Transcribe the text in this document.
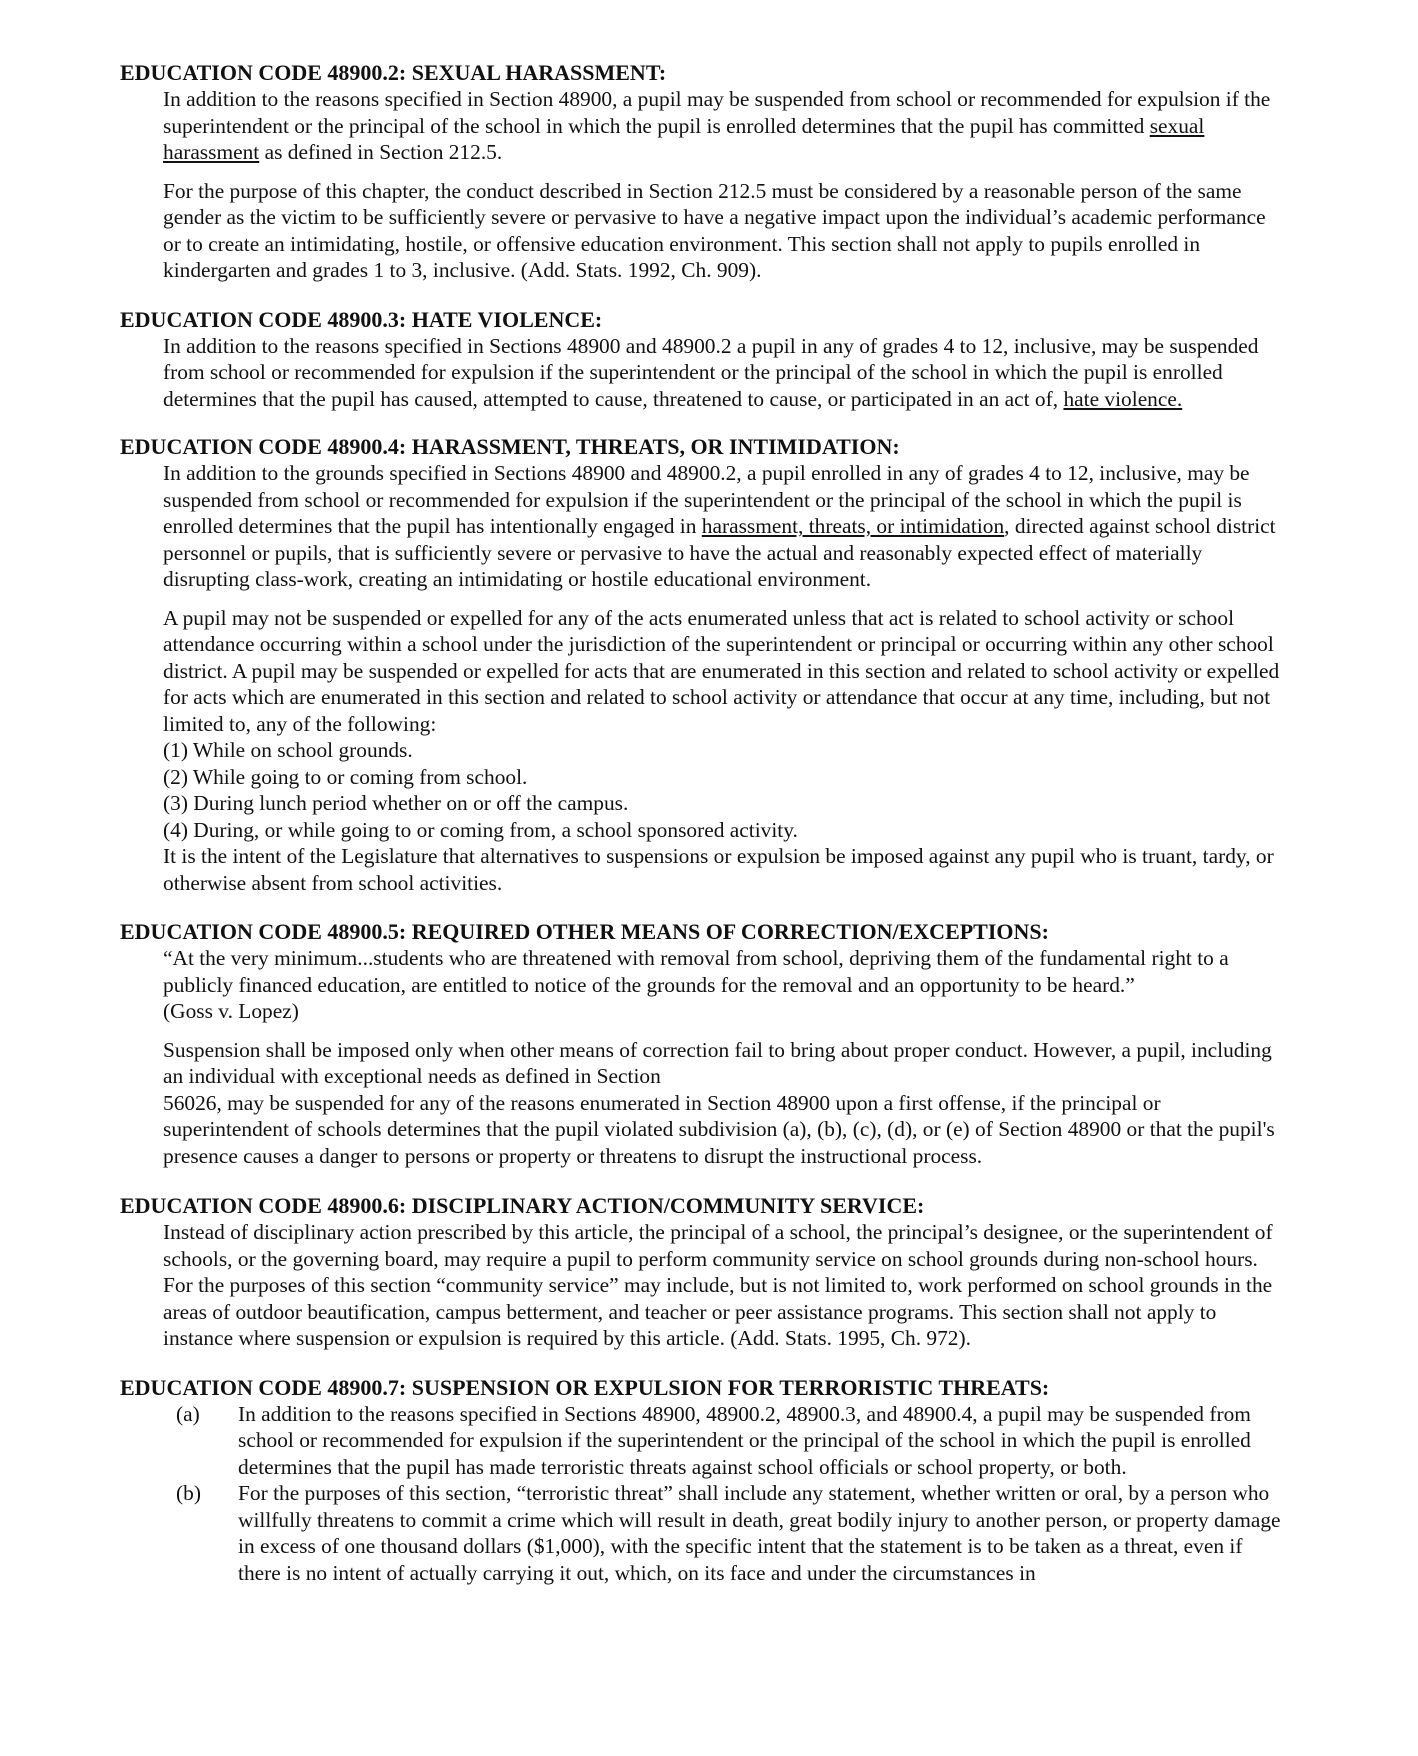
EDUCATION CODE 48900.2: SEXUAL HARASSMENT:

In addition to the reasons specified in Section 48900, a pupil may be suspended from school or recommended for expulsion if the superintendent or the principal of the school in which the pupil is enrolled determines that the pupil has committed sexual harassment as defined in Section 212.5.

For the purpose of this chapter, the conduct described in Section 212.5 must be considered by a reasonable person of the same gender as the victim to be sufficiently severe or pervasive to have a negative impact upon the individual’s academic performance or to create an intimidating, hostile, or offensive education environment. This section shall not apply to pupils enrolled in kindergarten and grades 1 to 3, inclusive. (Add. Stats. 1992, Ch. 909).

EDUCATION CODE 48900.3: HATE VIOLENCE:

In addition to the reasons specified in Sections 48900 and 48900.2 a pupil in any of grades 4 to 12, inclusive, may be suspended from school or recommended for expulsion if the superintendent or the principal of the school in which the pupil is enrolled determines that the pupil has caused, attempted to cause, threatened to cause, or participated in an act of, hate violence.

EDUCATION CODE 48900.4: HARASSMENT, THREATS, OR INTIMIDATION:

In addition to the grounds specified in Sections 48900 and 48900.2, a pupil enrolled in any of grades 4 to 12, inclusive, may be suspended from school or recommended for expulsion if the superintendent or the principal of the school in which the pupil is enrolled determines that the pupil has intentionally engaged in harassment, threats, or intimidation, directed against school district personnel or pupils, that is sufficiently severe or pervasive to have the actual and reasonably expected effect of materially disrupting class-work, creating an intimidating or hostile educational environment.

A pupil may not be suspended or expelled for any of the acts enumerated unless that act is related to school activity or school attendance occurring within a school under the jurisdiction of the superintendent or principal or occurring within any other school district. A pupil may be suspended or expelled for acts that are enumerated in this section and related to school activity or expelled for acts which are enumerated in this section and related to school activity or attendance that occur at any time, including, but not limited to, any of the following:

(1) While on school grounds.
(2) While going to or coming from school.
(3) During lunch period whether on or off the campus.
(4) During, or while going to or coming from, a school sponsored activity.

It is the intent of the Legislature that alternatives to suspensions or expulsion be imposed against any pupil who is truant, tardy, or otherwise absent from school activities.

EDUCATION CODE 48900.5: REQUIRED OTHER MEANS OF CORRECTION/EXCEPTIONS:

“At the very minimum...students who are threatened with removal from school, depriving them of the fundamental right to a publicly financed education, are entitled to notice of the grounds for the removal and an opportunity to be heard.”

(Goss v. Lopez)

Suspension shall be imposed only when other means of correction fail to bring about proper conduct. However, a pupil, including an individual with exceptional needs as defined in Section

56026, may be suspended for any of the reasons enumerated in Section 48900 upon a first offense, if the principal or superintendent of schools determines that the pupil violated subdivision (a), (b), (c), (d), or (e) of Section 48900 or that the pupil's presence causes a danger to persons or property or threatens to disrupt the instructional process.

EDUCATION CODE 48900.6: DISCIPLINARY ACTION/COMMUNITY SERVICE:

Instead of disciplinary action prescribed by this article, the principal of a school, the principal’s designee, or the superintendent of schools, or the governing board, may require a pupil to perform community service on school grounds during non-school hours. For the purposes of this section “community service” may include, but is not limited to, work performed on school grounds in the areas of outdoor beautification, campus betterment, and teacher or peer assistance programs. This section shall not apply to instance where suspension or expulsion is required by this article. (Add. Stats. 1995, Ch. 972).

EDUCATION CODE 48900.7: SUSPENSION OR EXPULSION FOR TERRORISTIC THREATS:
(a)	In addition to the reasons specified in Sections 48900, 48900.2, 48900.3, and 48900.4, a pupil may be suspended from school or recommended for expulsion if the superintendent or the principal of the school in which the pupil is enrolled determines that the pupil has made terroristic threats against school officials or school property, or both.
(b)	For the purposes of this section, “terroristic threat” shall include any statement, whether written or oral, by a person who willfully threatens to commit a crime which will result in death, great bodily injury to another person, or property damage in excess of one thousand dollars ($1,000), with the specific intent that the statement is to be taken as a threat, even if there is no intent of actually carrying it out, which, on its face and under the circumstances in
